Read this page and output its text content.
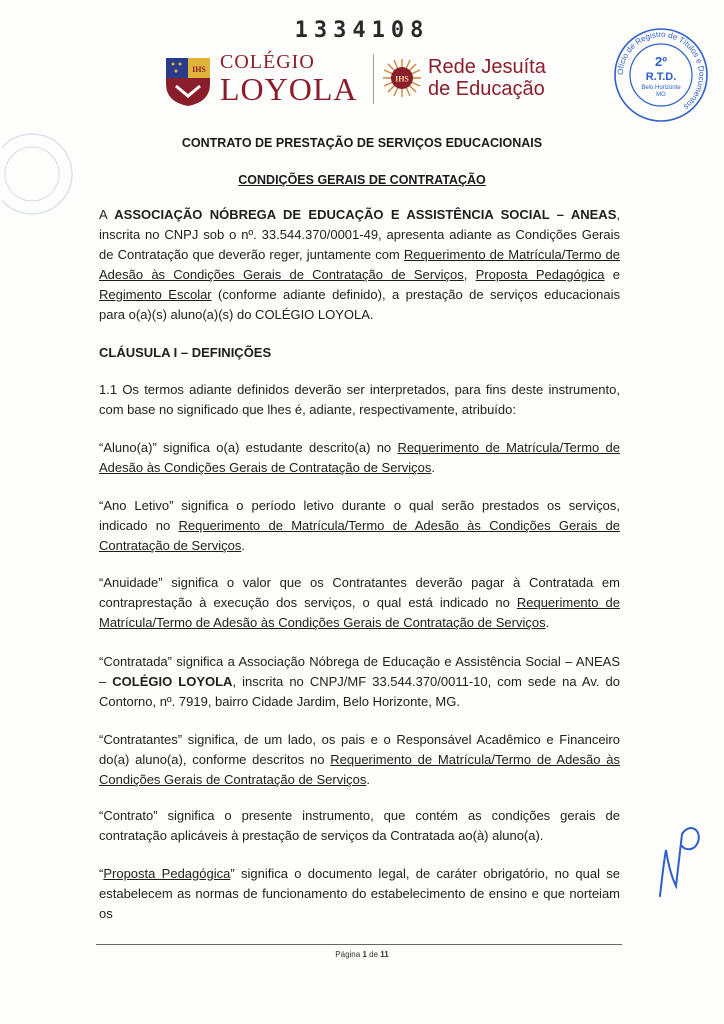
1334108
IHS COLÉGIO
LOYOLA	IHS
Rede Jesuíta
de Educação
Ofício de Registro de Títulos e Documentos
2º
R.T.D.
Belo Horizonte
MG
CONTRATO DE PRESTAÇÃO DE SERVIÇOS EDUCACIONAIS
CONDIÇÕES GERAIS DE CONTRATAÇÃO
A ASSOCIAÇÃO NÓBREGA DE EDUCAÇÃO E ASSISTÊNCIA SOCIAL – ANEAS, inscrita no CNPJ sob o nº. 33.544.370/0001-49, apresenta adiante as Condições Gerais de Contratação que deverão reger, juntamente com Requerimento de Matrícula/Termo de Adesão às Condições Gerais de Contratação de Serviços, Proposta Pedagógica e Regimento Escolar (conforme adiante definido), a prestação de serviços educacionais para o(a)(s) aluno(a)(s) do COLÉGIO LOYOLA.
CLÁUSULA I – DEFINIÇÕES
1.1 Os termos adiante definidos deverão ser interpretados, para fins deste instrumento, com base no significado que lhes é, adiante, respectivamente, atribuído:
“Aluno(a)” significa o(a) estudante descrito(a) no Requerimento de Matrícula/Termo de Adesão às Condições Gerais de Contratação de Serviços.
“Ano Letivo” significa o período letivo durante o qual serão prestados os serviços, indicado no Requerimento de Matrícula/Termo de Adesão às Condições Gerais de Contratação de Serviços.
“Anuidade” significa o valor que os Contratantes deverão pagar à Contratada em contraprestação à execução dos serviços, o qual está indicado no Requerimento de Matrícula/Termo de Adesão às Condições Gerais de Contratação de Serviços.
“Contratada” significa a Associação Nóbrega de Educação e Assistência Social – ANEAS – COLÉGIO LOYOLA, inscrita no CNPJ/MF 33.544.370/0011-10, com sede na Av. do Contorno, nº. 7919, bairro Cidade Jardim, Belo Horizonte, MG.
“Contratantes” significa, de um lado, os pais e o Responsável Acadêmico e Financeiro do(a) aluno(a), conforme descritos no Requerimento de Matrícula/Termo de Adesão às Condições Gerais de Contratação de Serviços.
“Contrato” significa o presente instrumento, que contém as condições gerais de contratação aplicáveis à prestação de serviços da Contratada ao(à) aluno(a).
“Proposta Pedagógica” significa o documento legal, de caráter obrigatório, no qual se estabelecem as normas de funcionamento do estabelecimento de ensino e que norteiam os
Página 1 de 11
